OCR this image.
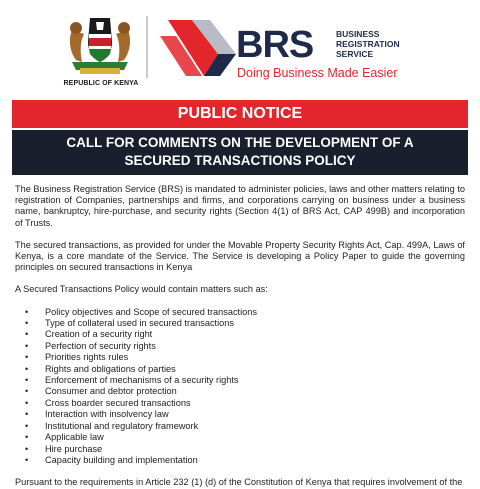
REPUBLIC OF KENYA
BRS	BUSINESS
REGISTRATION
SERVICE
Doing Business Made Easier
PUBLIC NOTICE
CALL FOR COMMENTS ON THE DEVELOPMENT OF A
SECURED TRANSACTIONS POLICY

The Business Registration Service (BRS) is mandated to administer policies, laws and other matters relating to registration of Companies, partnerships and firms, and corporations carrying on business under a business name, bankruptcy, hire-purchase, and security rights (Section 4(1) of BRS Act, CAP 499B) and incorporation of Trusts.

The secured transactions, as provided for under the Movable Property Security Rights Act, Cap. 499A, Laws of Kenya, is a core mandate of the Service. The Service is developing a Policy Paper to guide the governing principles on secured transactions in Kenya

A Secured Transactions Policy would contain matters such as:

• Policy objectives and Scope of secured transactions
• Type of collateral used in secured transactions
• Creation of a security right
• Perfection of security rights
• Priorities rights rules
• Rights and obligations of parties
• Enforcement of mechanisms of a security rights
• Consumer and debtor protection
• Cross boarder secured transactions
• Interaction with insolvency law
• Institutional and regulatory framework
• Applicable law
• Hire purchase
• Capacity building and implementation

Pursuant to the requirements in Article 232 (1) (d) of the Constitution of Kenya that requires involvement of the
